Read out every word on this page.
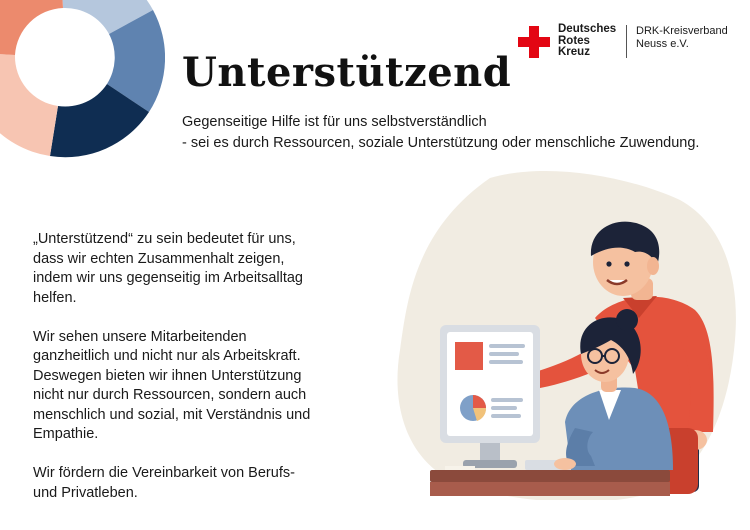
Deutsches
Rotes
Kreuz
DRK-Kreisverband
Neuss e.V.
Unterstützend
Gegenseitige Hilfe ist für uns selbstverständlich
- sei es durch Ressourcen, soziale Unterstützung oder menschliche Zuwendung.

„Unterstützend“ zu sein bedeutet für uns, dass wir echten Zusammenhalt zeigen, indem wir uns gegenseitig im Arbeitsalltag helfen.

Wir sehen unsere Mitarbeitenden ganzheitlich und nicht nur als Arbeitskraft. Deswegen bieten wir ihnen Unterstützung nicht nur durch Ressourcen, sondern auch menschlich und sozial, mit Verständnis und Empathie.

Wir fördern die Vereinbarkeit von Berufs- und Privatleben.
